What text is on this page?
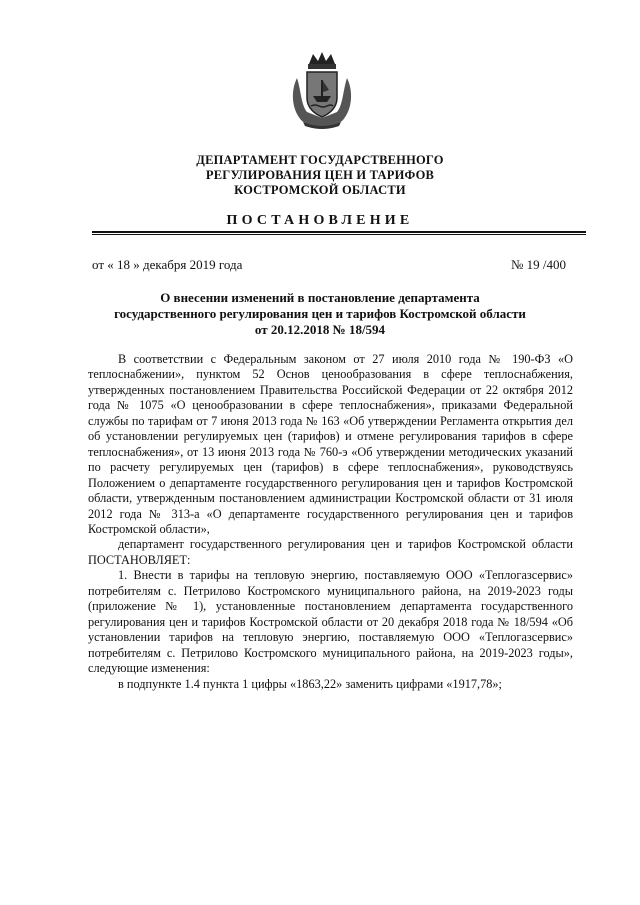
ДЕПАРТАМЕНТ ГОСУДАРСТВЕННОГО
РЕГУЛИРОВАНИЯ ЦЕН И ТАРИФОВ
КОСТРОМСКОЙ ОБЛАСТИ
ПОСТАНОВЛЕНИЕ
от « 18 » декабря 2019 года	№ 19 /400
О внесении изменений в постановление департамента
государственного регулирования цен и тарифов Костромской области
от 20.12.2018 № 18/594

В соответствии с Федеральным законом от 27 июля 2010 года № 190-ФЗ «О теплоснабжении», пунктом 52 Основ ценообразования в сфере теплоснабжения, утвержденных постановлением Правительства Российской Федерации от 22 октября 2012 года № 1075 «О ценообразовании в сфере теплоснабжения», приказами Федеральной службы по тарифам от 7 июня 2013 года № 163 «Об утверждении Регламента открытия дел об установлении регулируемых цен (тарифов) и отмене регулирования тарифов в сфере теплоснабжения», от 13 июня 2013 года № 760-э «Об утверждении методических указаний по расчету регулируемых цен (тарифов) в сфере теплоснабжения», руководствуясь Положением о департаменте государственного регулирования цен и тарифов Костромской области, утвержденным постановлением администрации Костромской области от 31 июля 2012 года № 313-а «О департаменте государственного регулирования цен и тарифов Костромской области»,

департамент государственного регулирования цен и тарифов Костромской области ПОСТАНОВЛЯЕТ:

1. Внести в тарифы на тепловую энергию, поставляемую ООО «Теплогазсервис» потребителям с. Петрилово Костромского муниципального района, на 2019-2023 годы (приложение № 1), установленные постановлением департамента государственного регулирования цен и тарифов Костромской области от 20 декабря 2018 года № 18/594 «Об установлении тарифов на тепловую энергию, поставляемую ООО «Теплогазсервис» потребителям с. Петрилово Костромского муниципального района, на 2019-2023 годы», следующие изменения:

в подпункте 1.4 пункта 1 цифры «1863,22» заменить цифрами «1917,78»;
